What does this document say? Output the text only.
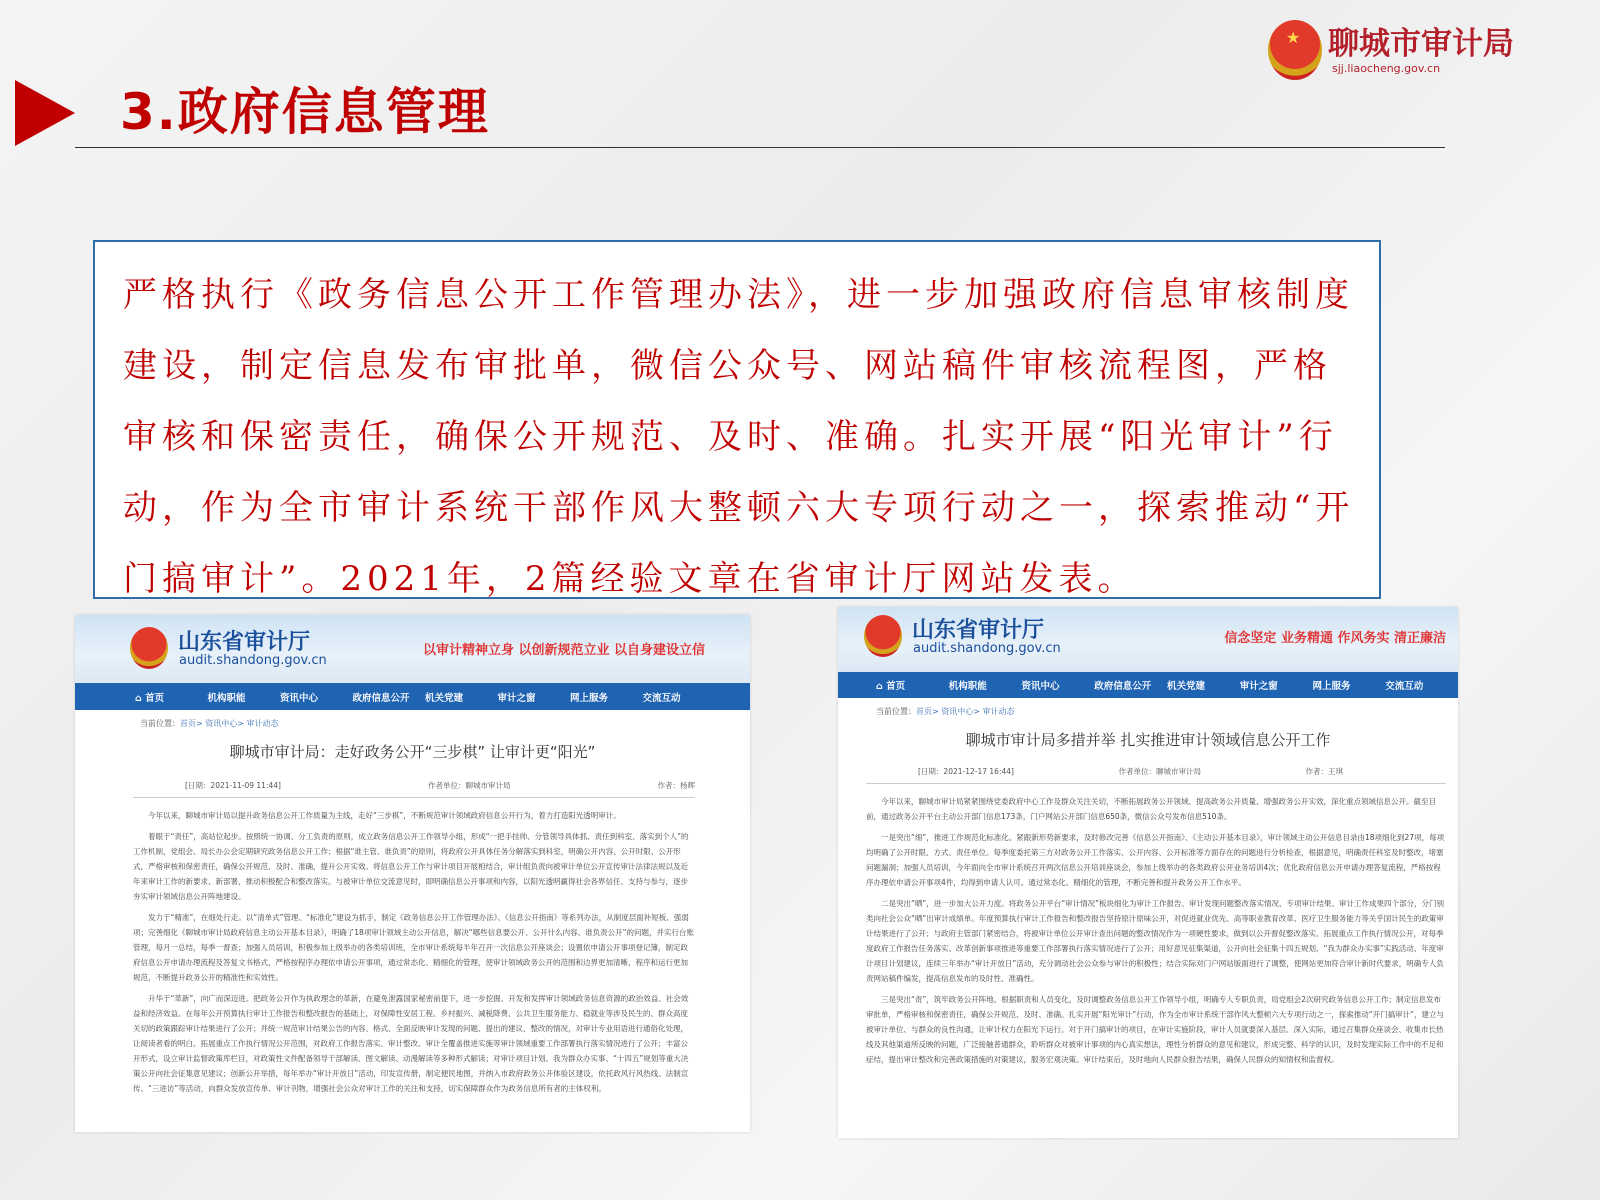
3.政府信息管理
★
聊城市审计局
sjj.liaocheng.gov.cn

严格执行《政务信息公开工作管理办法》，进一步加强政府信息审核制度建设，制定信息发布审批单，微信公众号、网站稿件审核流程图，严格审核和保密责任，确保公开规范、及时、准确。扎实开展“阳光审计”行动，作为全市审计系统干部作风大整顿六大专项行动之一，探索推动“开门搞审计”。2021年，2篇经验文章在省审计厅网站发表。

山东省审计厅
audit.shandong.gov.cn
以审计精神立身 以创新规范立业 以自身建设立信
⌂ 首页	机构职能	资讯中心	政府信息公开	机关党建	审计之窗	网上服务	交流互动
当前位置：首页> 资讯中心> 审计动态
聊城市审计局：走好政务公开“三步棋” 让审计更“阳光”
[日期：2021-11-09 11:44]	作者单位：聊城市审计局	作者：杨辉

今年以来，聊城市审计局以提升政务信息公开工作质量为主线，走好“三步棋”，不断规范审计领域政府信息公开行为，着力打造阳光透明审计。

着眼于“责任”，高站位起步。按照统一协调、分工负责的原则，成立政务信息公开工作领导小组，形成“一把手挂帅、分管领导具体抓、责任到科室、落实到个人”的工作机制，党组会、局长办公会定期研究政务信息公开工作；根据“谁主管、谁负责”的原则，将政府公开具体任务分解落实到科室，明确公开内容、公开时限、公开形式，严格审核和保密责任，确保公开规范、及时、准确，提升公开实效。将信息公开工作与审计项目开展相结合，审计组负责向被审计单位公开宣传审计法律法规以及近年来审计工作的新要求、新部署，推动积极配合和整改落实。与被审计单位交流意见时，即明确信息公开事项和内容，以阳光透明赢得社会各界信任、支持与参与，逐步夯实审计领域信息公开阵地建设。

发力于“精准”，在细处行走。以“清单式”管理、“标准化”建设为抓手，制定《政务信息公开工作管理办法》、《信息公开指南》等系列办法，从制度层面补短板、强弱项；完善细化《聊城市审计局政府信息主动公开基本目录》，明确了18项审计领域主动公开信息，解决“哪些信息要公开、公开什么内容、谁负责公开”的问题，并实行台账管理，每月一总结，每季一督查；加强人员培训，积极参加上级举办的各类培训班，全市审计系统每半年召开一次信息公开座谈会；设置依申请公开事项登记簿，制定政府信息公开申请办理流程及答复文书格式，严格按程序办理依申请公开事项，通过常态化、精细化的管理，使审计领域政务公开的范围和边界更加清晰，程序和运行更加规范，不断提升政务公开的精准性和实效性。

升华于“革新”，向广而深迈进。把政务公开作为执政理念的革新，在避免泄露国家秘密前提下，进一步挖掘、开发和发挥审计领域政务信息资源的政治效益、社会效益和经济效益。在每年公开预算执行审计工作报告和整改报告的基础上，对保障性安居工程、乡村振兴、减税降费、公共卫生服务能力、稳就业等涉及民生的、群众高度关切的政策跟踪审计结果进行了公开；并统一规范审计结果公告的内容、格式、全面反映审计发现的问题、提出的建议、整改的情况，对审计专业用语进行通俗化处理，让阅读者看的明白。拓展重点工作执行情况公开范围，对政府工作报告落实、审计整改、审计全覆盖推进实施等审计领域重要工作部署执行落实情况进行了公开；丰富公开形式，设立审计监督政策库栏目，对政策性文件配备领导干部解读、图文解读、动漫解读等多种形式解读；对审计项目计划、我为群众办实事、“十四五”规划等重大决策公开向社会征集意见建议；创新公开举措，每年举办“审计开放日”活动，印发宣传册，制定便民地图，并纳入市政府政务公开体验区建设，依托政风行风热线、法制宣传、“三进访”等活动，向群众发放宣传单、审计刊物，增强社会公众对审计工作的关注和支持，切实保障群众作为政务信息所有者的主体权利。

山东省审计厅
audit.shandong.gov.cn
信念坚定 业务精通 作风务实 清正廉洁
⌂ 首页	机构职能	资讯中心	政府信息公开	机关党建	审计之窗	网上服务	交流互动
当前位置：首页> 资讯中心> 审计动态
聊城市审计局多措并举 扎实推进审计领域信息公开工作
[日期：2021-12-17 16:44]	作者单位：聊城市审计局	作者：王琪

今年以来，聊城市审计局紧紧围绕党委政府中心工作及群众关注关切，不断拓展政务公开领域、提高政务公开质量、增强政务公开实效，深化重点领域信息公开。截至目前，通过政务公开平台主动公开部门信息173条，门户网站公开部门信息650条，微信公众号发布信息510条。

一是突出“细”，推进工作规范化标准化。紧跟新形势新要求，及时修改完善《信息公开指南》、《主动公开基本目录》，审计领域主动公开信息目录由18项细化到27项，每项均明确了公开时限、方式、责任单位。每季度委托第三方对政务公开工作落实、公开内容、公开标准等方面存在的问题进行分析检查，根据意见，明确责任科室及时整改，堵塞问题漏洞；加强人员培训，今年面向全市审计系统召开两次信息公开培训座谈会，参加上级举办的各类政府公开业务培训4次；优化政府信息公开申请办理答复流程，严格按程序办理依申请公开事项4件，均得到申请人认可。通过常态化、精细化的管理，不断完善和提升政务公开工作水平。

二是突出“晒”，进一步加大公开力度。将政务公开平台“审计情况”板块细化为审计工作报告、审计发现问题整改落实情况、专项审计结果、审计工作成果四个部分，分门别类向社会公众“晒”出审计成绩单。年度预算执行审计工作报告和整改报告坚持原汁原味公开，对促进就业优先、高等职业教育改革、医疗卫生服务能力等关乎国计民生的政策审计结果进行了公开；与政府主管部门紧密结合，将被审计单位公开审计查出问题的整改情况作为一项硬性要求，做到以公开督促整改落实。拓展重点工作执行情况公开，对每季度政府工作报告任务落实、改革创新事项推进等重要工作部署执行落实情况进行了公开；用好意见征集渠道，公开向社会征集十四五规划、“我为群众办实事”实践活动、年度审计项目计划建议，连续三年举办“审计开放日”活动，充分调动社会公众参与审计的积极性；结合实际对门户网站版面进行了调整，使网站更加符合审计新时代要求，明确专人负责网站稿件编发，提高信息发布的及时性、准确性。

三是突出“责”，筑牢政务公开阵地。根据职责和人员变化，及时调整政务信息公开工作领导小组，明确专人专职负责，局党组会2次研究政务信息公开工作；制定信息发布审批单，严格审核和保密责任，确保公开规范、及时、准确。扎实开展“阳光审计”行动，作为全市审计系统干部作风大整顿六大专项行动之一，探索推动“开门搞审计”，建立与被审计单位、与群众的良性沟通，让审计权力在阳光下运行。对于开门搞审计的项目，在审计实施阶段，审计人员就要深入基层、深入实际，通过召集群众座谈会、收集市长热线及其他渠道所反映的问题，广泛接触普通群众，聆听群众对被审计事项的内心真实想法，理性分析群众的意见和建议，形成完整、科学的认识，及时发现实际工作中的不足和症结，提出审计整改和完善政策措施的对策建议，服务宏观决策。审计结束后，及时地向人民群众报告结果，确保人民群众的知情权和监督权。
